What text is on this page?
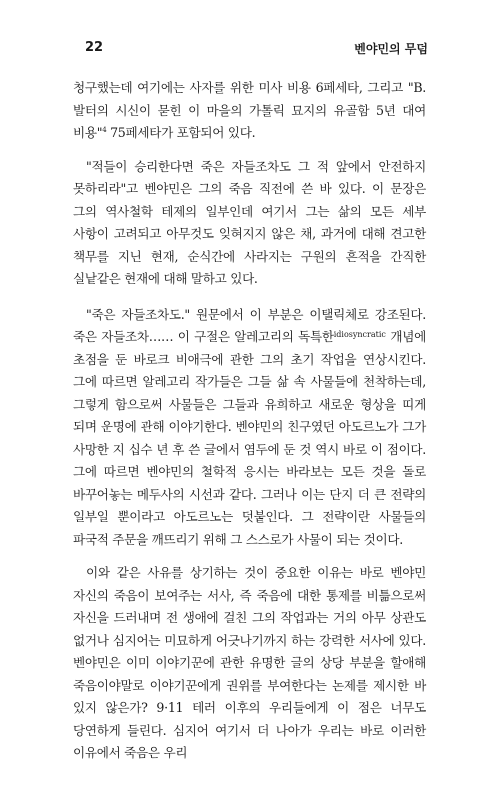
22	벤야민의 무덤

청구했는데 여기에는 사자를 위한 미사 비용 6페세타, 그리고 "B. 발터의 시신이 묻힌 이 마을의 가톨릭 묘지의 유골함 5년 대여 비용"$^4$ 75페세타가 포함되어 있다.

"적들이 승리한다면 죽은 자들조차도 그 적 앞에서 안전하지 못하리라"고 벤야민은 그의 죽음 직전에 쓴 바 있다. 이 문장은 그의 역사철학 테제의 일부인데 여기서 그는 삶의 모든 세부 사항이 고려되고 아무것도 잊혀지지 않은 채, 과거에 대해 견고한 책무를 지닌 현재, 순식간에 사라지는 구원의 흔적을 간직한 실낱같은 현재에 대해 말하고 있다.

"죽은 자들조차도." 원문에서 이 부분은 이탤릭체로 강조된다. 죽은 자들조차…… 이 구절은 알레고리의 독특한$^{idiosyncratic}$ 개념에 초점을 둔 바로크 비애극에 관한 그의 초기 작업을 연상시킨다. 그에 따르면 알레고리 작가들은 그들 삶 속 사물들에 천착하는데, 그렇게 함으로써 사물들은 그들과 유희하고 새로운 형상을 띠게 되며 운명에 관해 이야기한다. 벤야민의 친구였던 아도르노가 그가 사망한 지 십수 년 후 쓴 글에서 염두에 둔 것 역시 바로 이 점이다. 그에 따르면 벤야민의 철학적 응시는 바라보는 모든 것을 돌로 바꾸어놓는 메두사의 시선과 같다. 그러나 이는 단지 더 큰 전략의 일부일 뿐이라고 아도르노는 덧붙인다. 그 전략이란 사물들의 파국적 주문을 깨뜨리기 위해 그 스스로가 사물이 되는 것이다.

이와 같은 사유를 상기하는 것이 중요한 이유는 바로 벤야민 자신의 죽음이 보여주는 서사, 즉 죽음에 대한 통제를 비틂으로써 자신을 드러내며 전 생애에 걸친 그의 작업과는 거의 아무 상관도 없거나 심지어는 미묘하게 어긋나기까지 하는 강력한 서사에 있다. 벤야민은 이미 이야기꾼에 관한 유명한 글의 상당 부분을 할애해 죽음이야말로 이야기꾼에게 권위를 부여한다는 논제를 제시한 바 있지 않은가? 9·11 테러 이후의 우리들에게 이 점은 너무도 당연하게 들린다. 심지어 여기서 더 나아가 우리는 바로 이러한 이유에서 죽음은 우리
